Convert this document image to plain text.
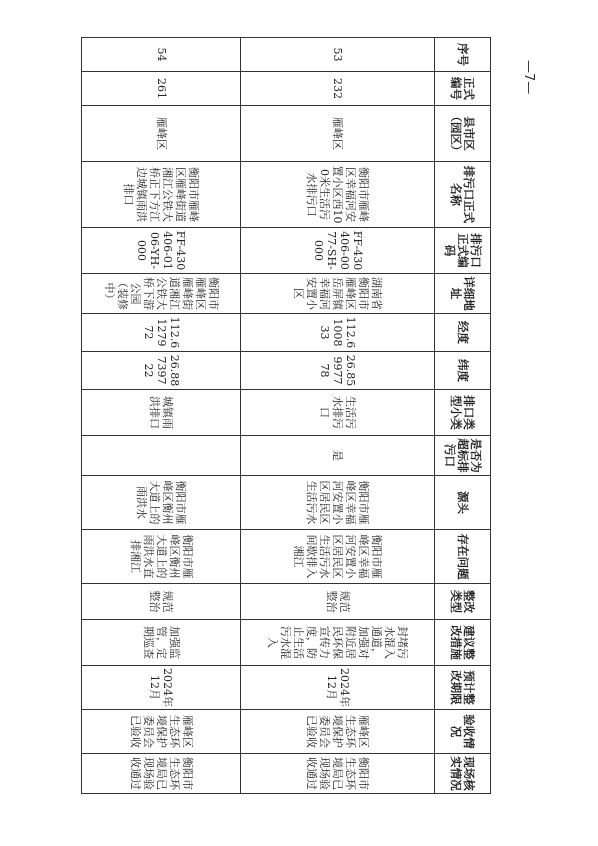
—7—
序号	正式编号	县市区（园区）	排污口正式名称	排污口正式编码	详细地址	经度	纬度	排口类型小类	是否为超标排污口	源头	存在问题	整改类型	建议整改措施	预计整改期限	验收情况	现场核实情况
53	232	雁峰区	衡阳市雁峰区幸福河安置小区西100米生活污水排污口	FF-430406-0077-SH-000	湖南省衡阳市雁峰区岳屏镇幸福河安置小区	112.6100833	26.85997778	生活污水排污口	是	衡阳市雁峰区幸福河安置小区居民区生活污水	衡阳市雁峰区幸福河安置小区居民区生活污水间歇排入湘江	规范整治	封堵污水混入通道，加强对附近居民环保宣传力度，防止生活污水混入	2024年12月	雁峰区生态环境保护委员会已验收	衡阳市生态环境局已现场验收通过
54	261	雁峰区	衡阳市雁峰区雁峰街道湘江公铁大桥正下方江边城镇雨洪排口	FF-430406-0106-YH-000	衡阳市雁峰区雁峰街道湘江公铁大桥下游公园（装修中）	112.6127972	26.88739722	城镇雨洪排口		衡阳市雁峰区衡州大道上的雨洪水	衡阳市雁峰区衡州大道上的雨洪水直排湘江	规范整治	加强监管，定期巡查	2024年12月	雁峰区生态环境保护委员会已验收	衡阳市生态环境局已现场验收通过
